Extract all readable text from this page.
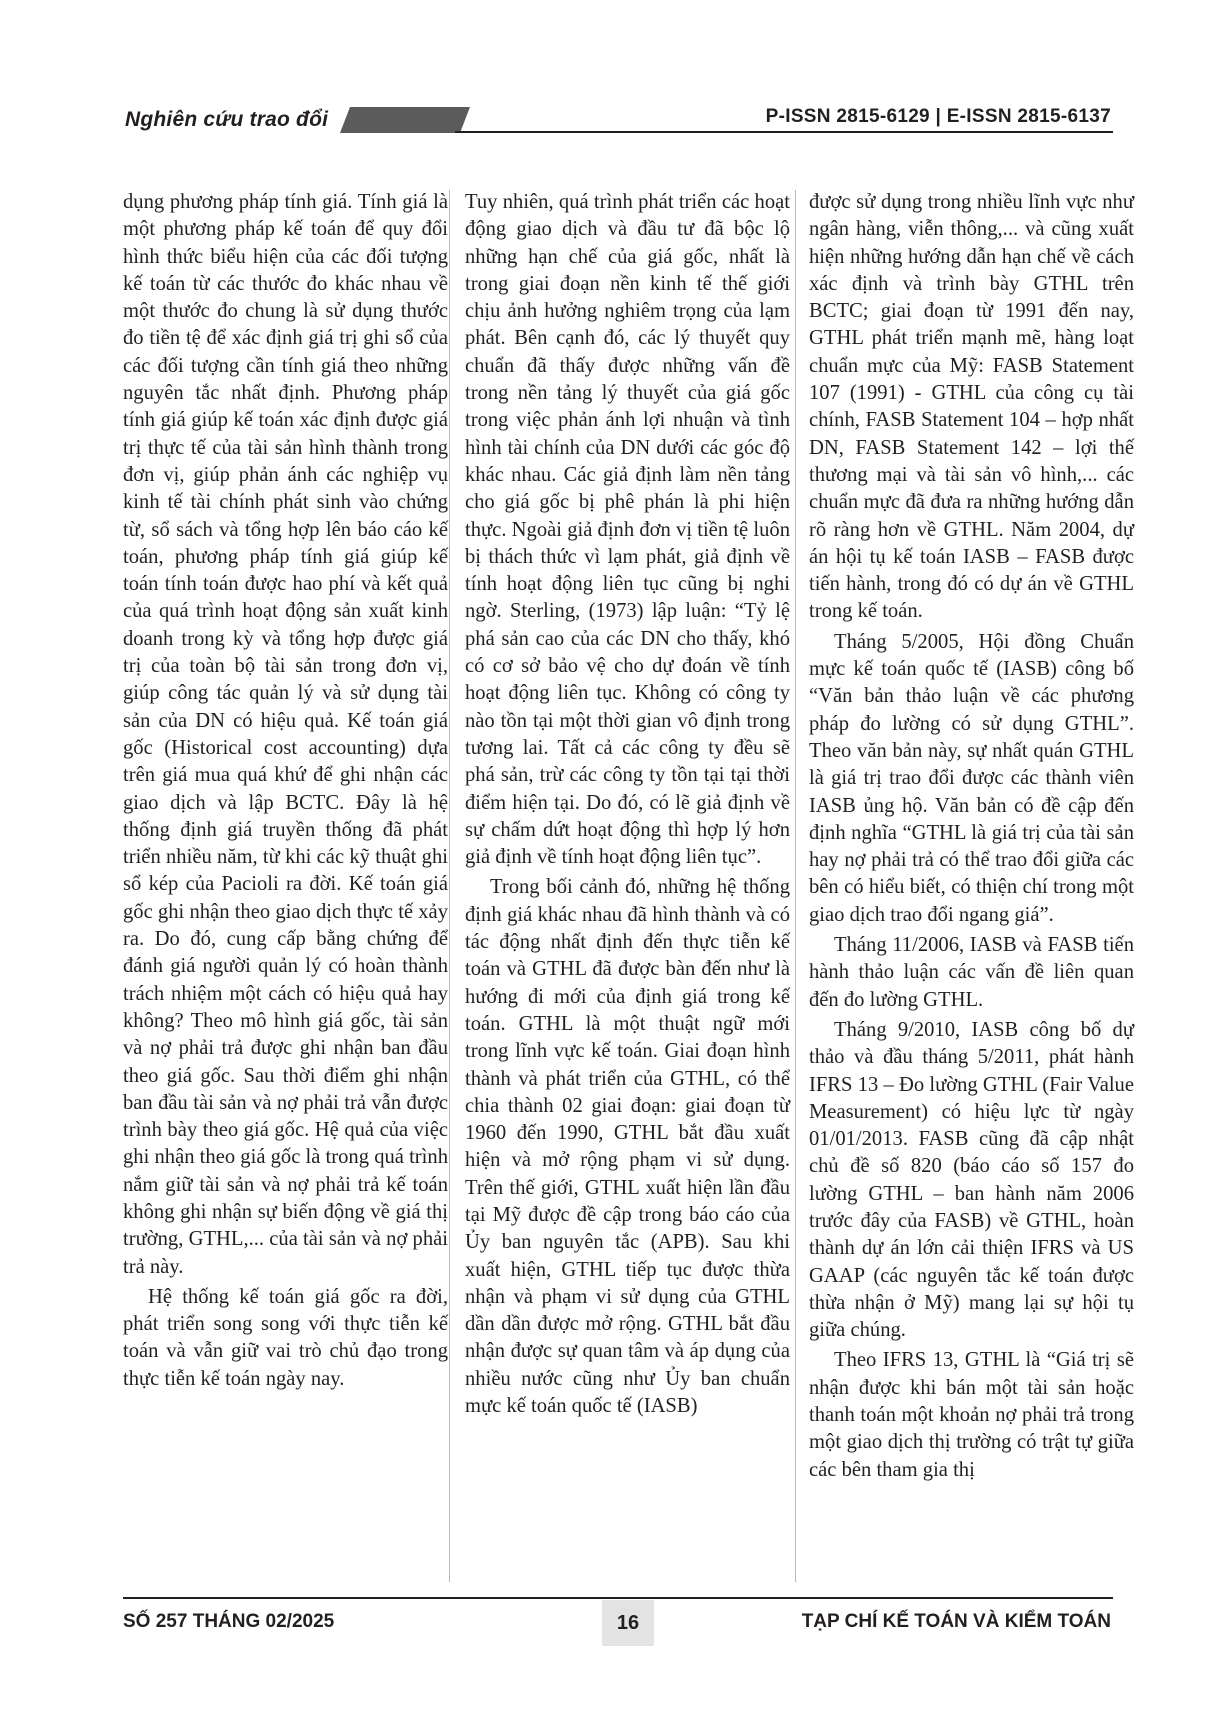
Nghiên cứu trao đổi	P-ISSN 2815-6129 | E-ISSN 2815-6137

dụng phương pháp tính giá. Tính giá là một phương pháp kế toán để quy đổi hình thức biểu hiện của các đối tượng kế toán từ các thước đo khác nhau về một thước đo chung là sử dụng thước đo tiền tệ để xác định giá trị ghi sổ của các đối tượng cần tính giá theo những nguyên tắc nhất định. Phương pháp tính giá giúp kế toán xác định được giá trị thực tế của tài sản hình thành trong đơn vị, giúp phản ánh các nghiệp vụ kinh tế tài chính phát sinh vào chứng từ, sổ sách và tổng hợp lên báo cáo kế toán, phương pháp tính giá giúp kế toán tính toán được hao phí và kết quả của quá trình hoạt động sản xuất kinh doanh trong kỳ và tổng hợp được giá trị của toàn bộ tài sản trong đơn vị, giúp công tác quản lý và sử dụng tài sản của DN có hiệu quả. Kế toán giá gốc (Historical cost accounting) dựa trên giá mua quá khứ để ghi nhận các giao dịch và lập BCTC. Đây là hệ thống định giá truyền thống đã phát triển nhiều năm, từ khi các kỹ thuật ghi sổ kép của Pacioli ra đời. Kế toán giá gốc ghi nhận theo giao dịch thực tế xảy ra. Do đó, cung cấp bằng chứng để đánh giá người quản lý có hoàn thành trách nhiệm một cách có hiệu quả hay không? Theo mô hình giá gốc, tài sản và nợ phải trả được ghi nhận ban đầu theo giá gốc. Sau thời điểm ghi nhận ban đầu tài sản và nợ phải trả vẫn được trình bày theo giá gốc. Hệ quả của việc ghi nhận theo giá gốc là trong quá trình nắm giữ tài sản và nợ phải trả kế toán không ghi nhận sự biến động về giá thị trường, GTHL,... của tài sản và nợ phải trả này.

Hệ thống kế toán giá gốc ra đời, phát triển song song với thực tiễn kế toán và vẫn giữ vai trò chủ đạo trong thực tiễn kế toán ngày nay.

Tuy nhiên, quá trình phát triển các hoạt động giao dịch và đầu tư đã bộc lộ những hạn chế của giá gốc, nhất là trong giai đoạn nền kinh tế thế giới chịu ảnh hưởng nghiêm trọng của lạm phát. Bên cạnh đó, các lý thuyết quy chuẩn đã thấy được những vấn đề trong nền tảng lý thuyết của giá gốc trong việc phản ánh lợi nhuận và tình hình tài chính của DN dưới các góc độ khác nhau. Các giả định làm nền tảng cho giá gốc bị phê phán là phi hiện thực. Ngoài giả định đơn vị tiền tệ luôn bị thách thức vì lạm phát, giả định về tính hoạt động liên tục cũng bị nghi ngờ. Sterling, (1973) lập luận: “Tỷ lệ phá sản cao của các DN cho thấy, khó có cơ sở bảo vệ cho dự đoán về tính hoạt động liên tục. Không có công ty nào tồn tại một thời gian vô định trong tương lai. Tất cả các công ty đều sẽ phá sản, trừ các công ty tồn tại tại thời điểm hiện tại. Do đó, có lẽ giả định về sự chấm dứt hoạt động thì hợp lý hơn giả định về tính hoạt động liên tục”.

Trong bối cảnh đó, những hệ thống định giá khác nhau đã hình thành và có tác động nhất định đến thực tiễn kế toán và GTHL đã được bàn đến như là hướng đi mới của định giá trong kế toán. GTHL là một thuật ngữ mới trong lĩnh vực kế toán. Giai đoạn hình thành và phát triển của GTHL, có thể chia thành 02 giai đoạn: giai đoạn từ 1960 đến 1990, GTHL bắt đầu xuất hiện và mở rộng phạm vi sử dụng. Trên thế giới, GTHL xuất hiện lần đầu tại Mỹ được đề cập trong báo cáo của Ủy ban nguyên tắc (APB). Sau khi xuất hiện, GTHL tiếp tục được thừa nhận và phạm vi sử dụng của GTHL dần dần được mở rộng. GTHL bắt đầu nhận được sự quan tâm và áp dụng của nhiều nước cũng như Ủy ban chuẩn mực kế toán quốc tế (IASB)

được sử dụng trong nhiều lĩnh vực như ngân hàng, viễn thông,... và cũng xuất hiện những hướng dẫn hạn chế về cách xác định và trình bày GTHL trên BCTC; giai đoạn từ 1991 đến nay, GTHL phát triển mạnh mẽ, hàng loạt chuẩn mực của Mỹ: FASB Statement 107 (1991) - GTHL của công cụ tài chính, FASB Statement 104 – hợp nhất DN, FASB Statement 142 – lợi thế thương mại và tài sản vô hình,... các chuẩn mực đã đưa ra những hướng dẫn rõ ràng hơn về GTHL. Năm 2004, dự án hội tụ kế toán IASB – FASB được tiến hành, trong đó có dự án về GTHL trong kế toán.

Tháng 5/2005, Hội đồng Chuẩn mực kế toán quốc tế (IASB) công bố “Văn bản thảo luận về các phương pháp đo lường có sử dụng GTHL”. Theo văn bản này, sự nhất quán GTHL là giá trị trao đổi được các thành viên IASB ủng hộ. Văn bản có đề cập đến định nghĩa “GTHL là giá trị của tài sản hay nợ phải trả có thể trao đổi giữa các bên có hiểu biết, có thiện chí trong một giao dịch trao đổi ngang giá”.

Tháng 11/2006, IASB và FASB tiến hành thảo luận các vấn đề liên quan đến đo lường GTHL.

Tháng 9/2010, IASB công bố dự thảo và đầu tháng 5/2011, phát hành IFRS 13 – Đo lường GTHL (Fair Value Measurement) có hiệu lực từ ngày 01/01/2013. FASB cũng đã cập nhật chủ đề số 820 (báo cáo số 157 đo lường GTHL – ban hành năm 2006 trước đây của FASB) về GTHL, hoàn thành dự án lớn cải thiện IFRS và US GAAP (các nguyên tắc kế toán được thừa nhận ở Mỹ) mang lại sự hội tụ giữa chúng.

Theo IFRS 13, GTHL là “Giá trị sẽ nhận được khi bán một tài sản hoặc thanh toán một khoản nợ phải trả trong một giao dịch thị trường có trật tự giữa các bên tham gia thị

SỐ 257 THÁNG 02/2025	16	TẠP CHÍ KẾ TOÁN VÀ KIỂM TOÁN
